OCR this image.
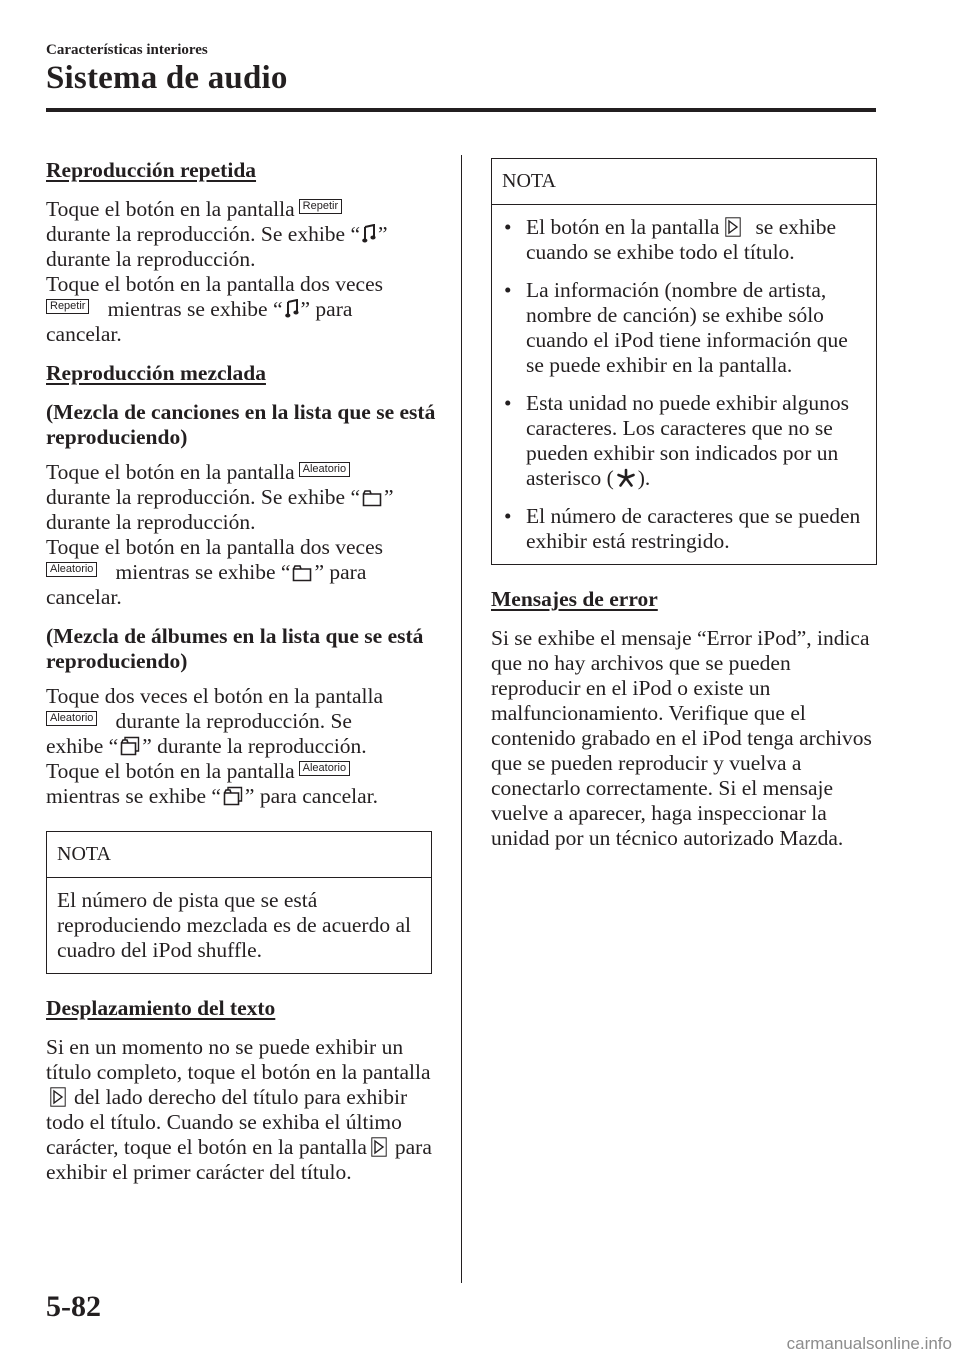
Características interiores
Sistema de audio

Reproducción repetida

Toque el botón en la pantalla Repetir
durante la reproducción. Se exhibe “ ”
durante la reproducción.
Toque el botón en la pantalla dos veces
Repetir mientras se exhibe “ ” para
cancelar.

Reproducción mezclada

(Mezcla de canciones en la lista que se está reproduciendo)

Toque el botón en la pantalla Aleatorio
durante la reproducción. Se exhibe “ ”
durante la reproducción.
Toque el botón en la pantalla dos veces
Aleatorio mientras se exhibe “ ” para
cancelar.

(Mezcla de álbumes en la lista que se está reproduciendo)

Toque dos veces el botón en la pantalla
Aleatorio durante la reproducción. Se
exhibe “ ” durante la reproducción.
Toque el botón en la pantalla Aleatorio
mientras se exhibe “ ” para cancelar.

NOTA
El número de pista que se está reproduciendo mezclada es de acuerdo al cuadro del iPod shuffle.

Desplazamiento del texto

Si en un momento no se puede exhibir un título completo, toque el botón en la pantalladel lado derecho del título para exhibir todo el título. Cuando se exhiba el último carácter, toque el botón en la pantalla para exhibir el primer carácter del título.

NOTA
• El botón en la pantalla se exhibe cuando se exhibe todo el título.
• La información (nombre de artista, nombre de canción) se exhibe sólo cuando el iPod tiene información que se puede exhibir en la pantalla.
• Esta unidad no puede exhibir algunos caracteres. Los caracteres que no se pueden exhibir son indicados por un asterisco ( ).
• El número de caracteres que se pueden exhibir está restringido.

Mensajes de error

Si se exhibe el mensaje “Error iPod”, indica que no hay archivos que se pueden reproducir en el iPod o existe un malfuncionamiento. Verifique que el contenido grabado en el iPod tenga archivos que se pueden reproducir y vuelva a conectarlo correctamente. Si el mensaje vuelve a aparecer, haga inspeccionar la unidad por un técnico autorizado Mazda.

5-82
carmanualsonline.info
